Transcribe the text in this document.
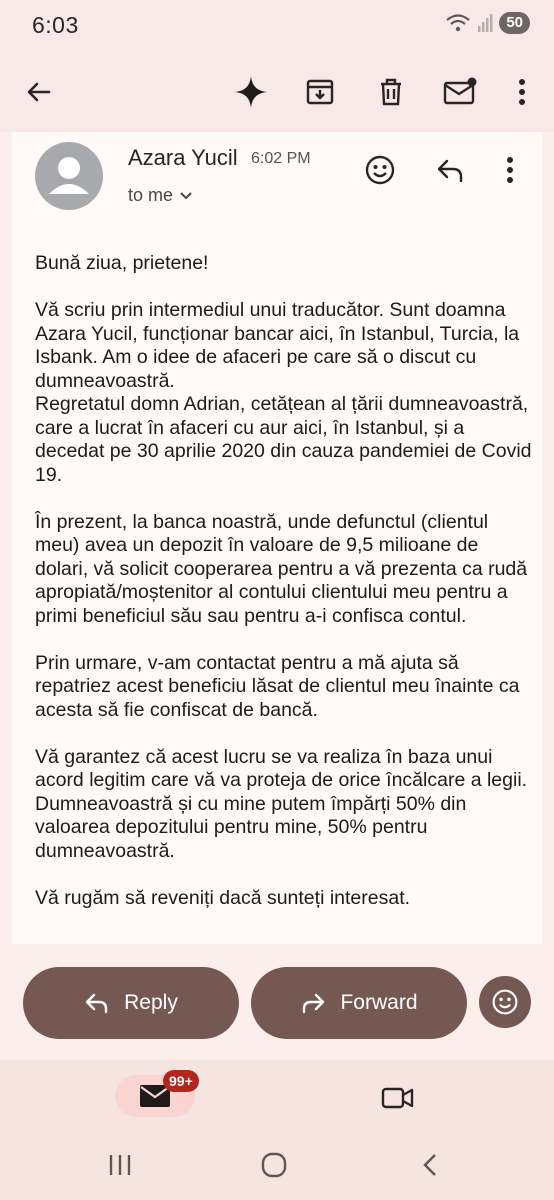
6:03	50
Azara Yucil 6:02 PM
to me

Bună ziua, prietene!

Vă scriu prin intermediul unui traducător. Sunt doamna Azara Yucil, funcționar bancar aici, în Istanbul, Turcia, la Isbank. Am o idee de afaceri pe care să o discut cu dumneavoastră.
Regretatul domn Adrian, cetățean al țării dumneavoastră, care a lucrat în afaceri cu aur aici, în Istanbul, și a decedat pe 30 aprilie 2020 din cauza pandemiei de Covid 19.

În prezent, la banca noastră, unde defunctul (clientul meu) avea un depozit în valoare de 9,5 milioane de dolari, vă solicit cooperarea pentru a vă prezenta ca rudă apropiată/moștenitor al contului clientului meu pentru a primi beneficiul său sau pentru a-i confisca contul.

Prin urmare, v-am contactat pentru a mă ajuta să repatriez acest beneficiu lăsat de clientul meu înainte ca acesta să fie confiscat de bancă.

Vă garantez că acest lucru se va realiza în baza unui acord legitim care vă va proteja de orice încălcare a legii. Dumneavoastră și cu mine putem împărți 50% din valoarea depozitului pentru mine, 50% pentru dumneavoastră.

Vă rugăm să reveniți dacă sunteți interesat.

Reply	Forward
99+
